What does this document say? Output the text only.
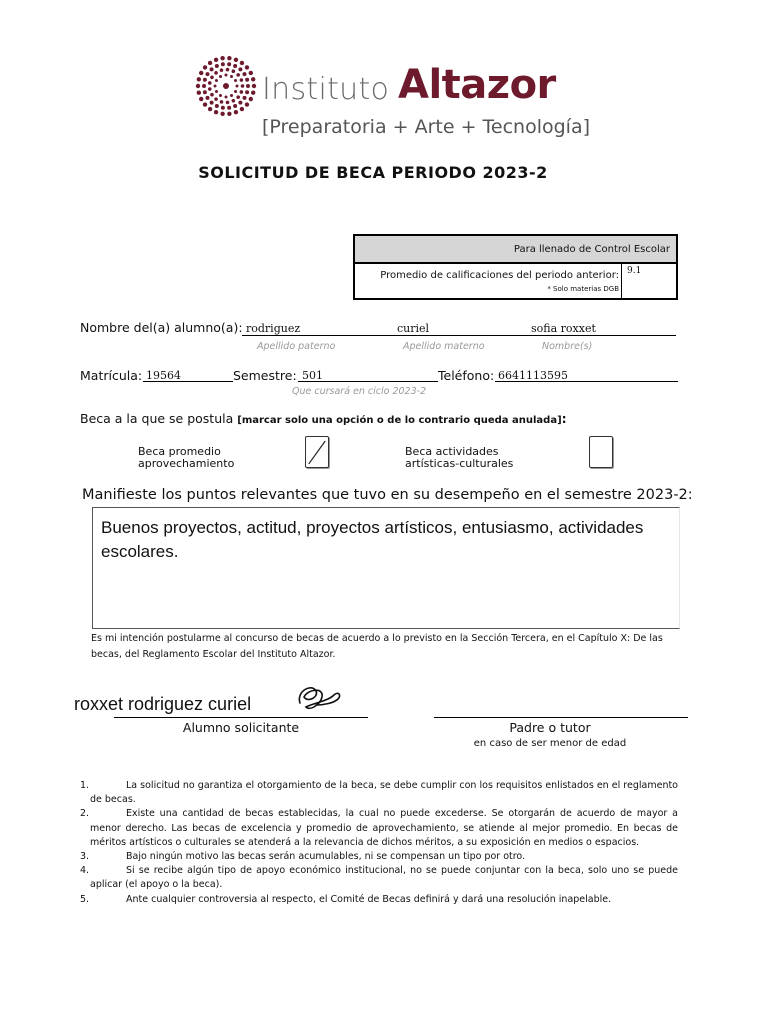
Instituto Altazor
[Preparatoria + Arte + Tecnología]
SOLICITUD DE BECA PERIODO 2023-2
Para llenado de Control Escolar
Promedio de calificaciones del periodo anterior:
* Solo materias DGB
9.1
Nombre del(a) alumno(a): rodriguez	curiel	sofia roxxet
Apellido paterno	Apellido materno	Nombre(s)
Matrícula: 19564	Semestre: 501
Que cursará en ciclo 2023-2
Teléfono: 6641113595
Beca a la que se postula [marcar solo una opción o de lo contrario queda anulada]:
Beca promedio
aprovechamiento
Beca actividades
artísticas-culturales
Manifieste los puntos relevantes que tuvo en su desempeño en el semestre 2023-2:
Buenos proyectos, actitud, proyectos artísticos, entusiasmo, actividades escolares.
Es mi intención postularme al concurso de becas de acuerdo a lo previsto en la Sección Tercera, en el Capítulo X: De las becas, del Reglamento Escolar del Instituto Altazor.
roxxet rodriguez curiel
Alumno solicitante	Padre o tutor
en caso de ser menor de edad
1.	La solicitud no garantiza el otorgamiento de la beca, se debe cumplir con los requisitos enlistados en el reglamento de becas.
2.	Existe una cantidad de becas establecidas, la cual no puede excederse. Se otorgarán de acuerdo de mayor a menor derecho. Las becas de excelencia y promedio de aprovechamiento, se atiende al mejor promedio. En becas de méritos artísticos o culturales se atenderá a la relevancia de dichos méritos, a su exposición en medios o espacios.
3.	Bajo ningún motivo las becas serán acumulables, ni se compensan un tipo por otro.
4.	Si se recibe algún tipo de apoyo económico institucional, no se puede conjuntar con la beca, solo uno se puede aplicar (el apoyo o la beca).
5.	Ante cualquier controversia al respecto, el Comité de Becas definirá y dará una resolución inapelable.
